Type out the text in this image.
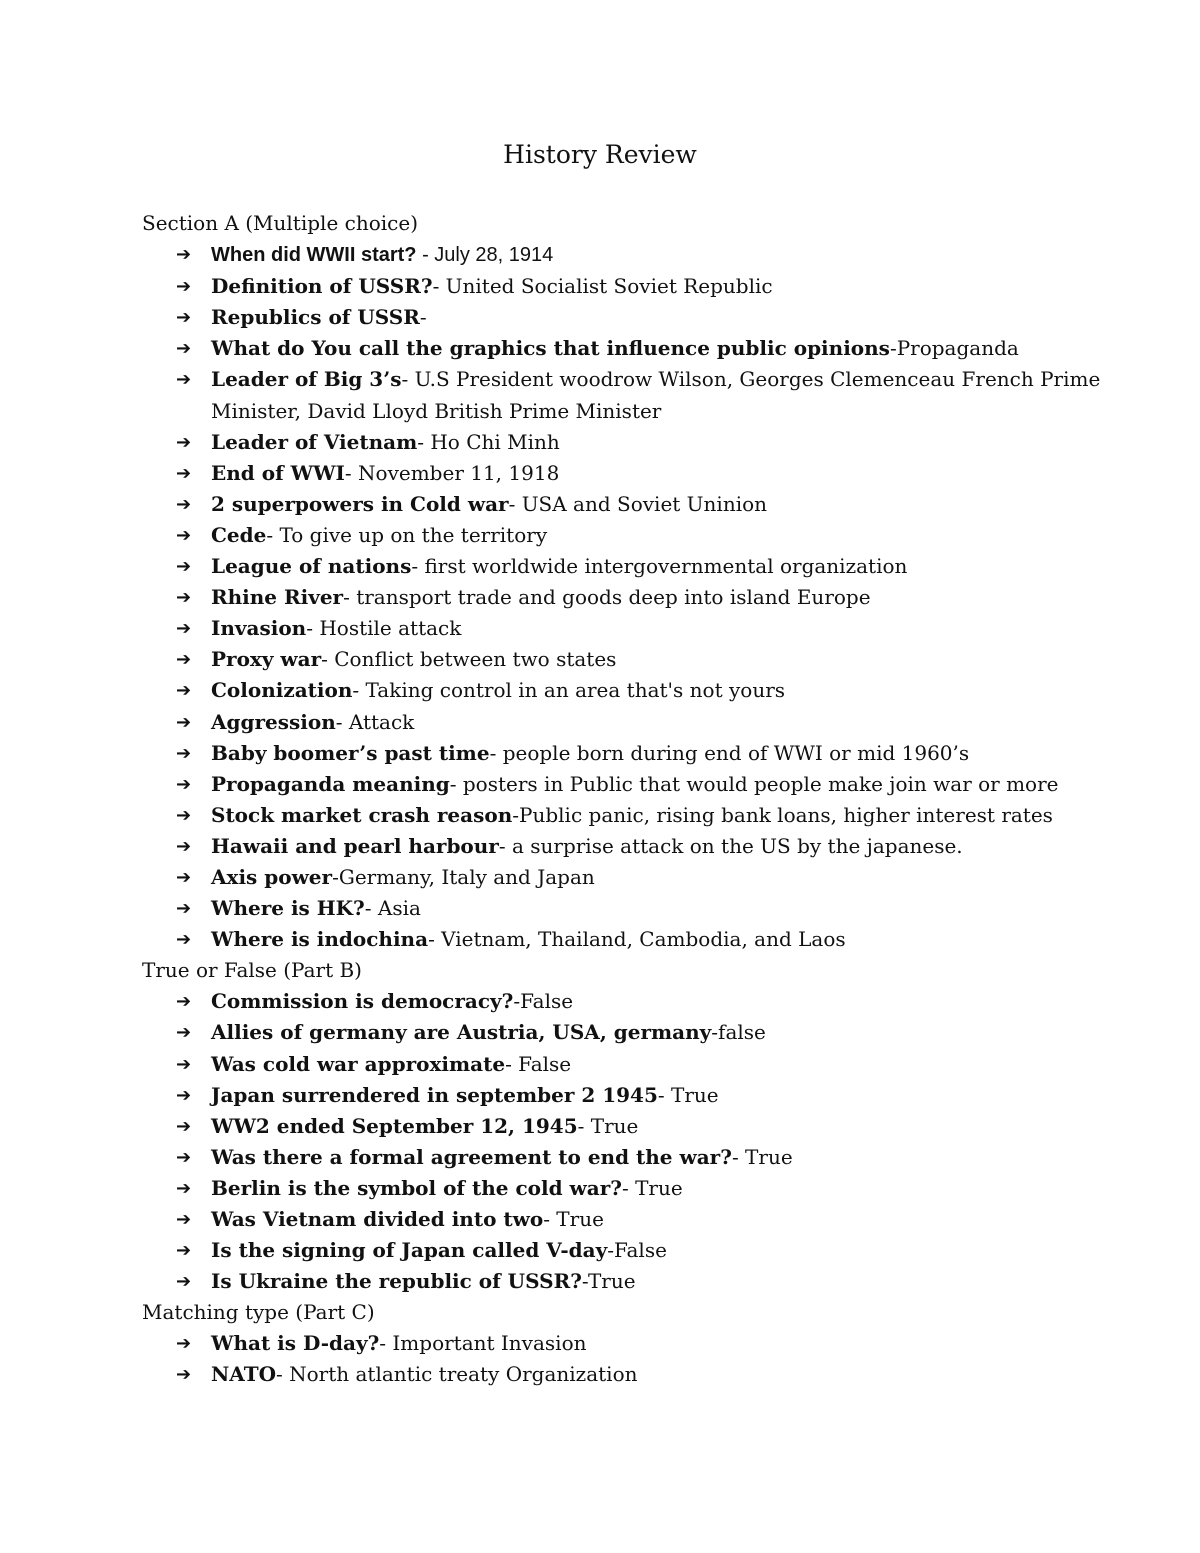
History Review
Section A (Multiple choice)
➔ When did WWII start? - July 28, 1914
➔ Definition of USSR?- United Socialist Soviet Republic
➔ Republics of USSR-
➔ What do You call the graphics that influence public opinions-Propaganda
➔ Leader of Big 3’s- U.S President woodrow Wilson, Georges Clemenceau French Prime Minister, David Lloyd British Prime Minister
➔ Leader of Vietnam- Ho Chi Minh
➔ End of WWI- November 11, 1918
➔ 2 superpowers in Cold war- USA and Soviet Uninion
➔ Cede- To give up on the territory
➔ League of nations- first worldwide intergovernmental organization
➔ Rhine River- transport trade and goods deep into island Europe
➔ Invasion- Hostile attack
➔ Proxy war- Conflict between two states
➔ Colonization- Taking control in an area that's not yours
➔ Aggression- Attack
➔ Baby boomer’s past time- people born during end of WWI or mid 1960’s
➔ Propaganda meaning- posters in Public that would people make join war or more
➔ Stock market crash reason-Public panic, rising bank loans, higher interest rates
➔ Hawaii and pearl harbour- a surprise attack on the US by the japanese.
➔ Axis power-Germany, Italy and Japan
➔ Where is HK?- Asia
➔ Where is indochina- Vietnam, Thailand, Cambodia, and Laos
True or False (Part B)
➔ Commission is democracy?-False
➔ Allies of germany are Austria, USA, germany-false
➔ Was cold war approximate- False
➔ Japan surrendered in september 2 1945- True
➔ WW2 ended September 12, 1945- True
➔ Was there a formal agreement to end the war?- True
➔ Berlin is the symbol of the cold war?- True
➔ Was Vietnam divided into two- True
➔ Is the signing of Japan called V-day-False
➔ Is Ukraine the republic of USSR?-True
Matching type (Part C)
➔ What is D-day?- Important Invasion
➔ NATO- North atlantic treaty Organization
